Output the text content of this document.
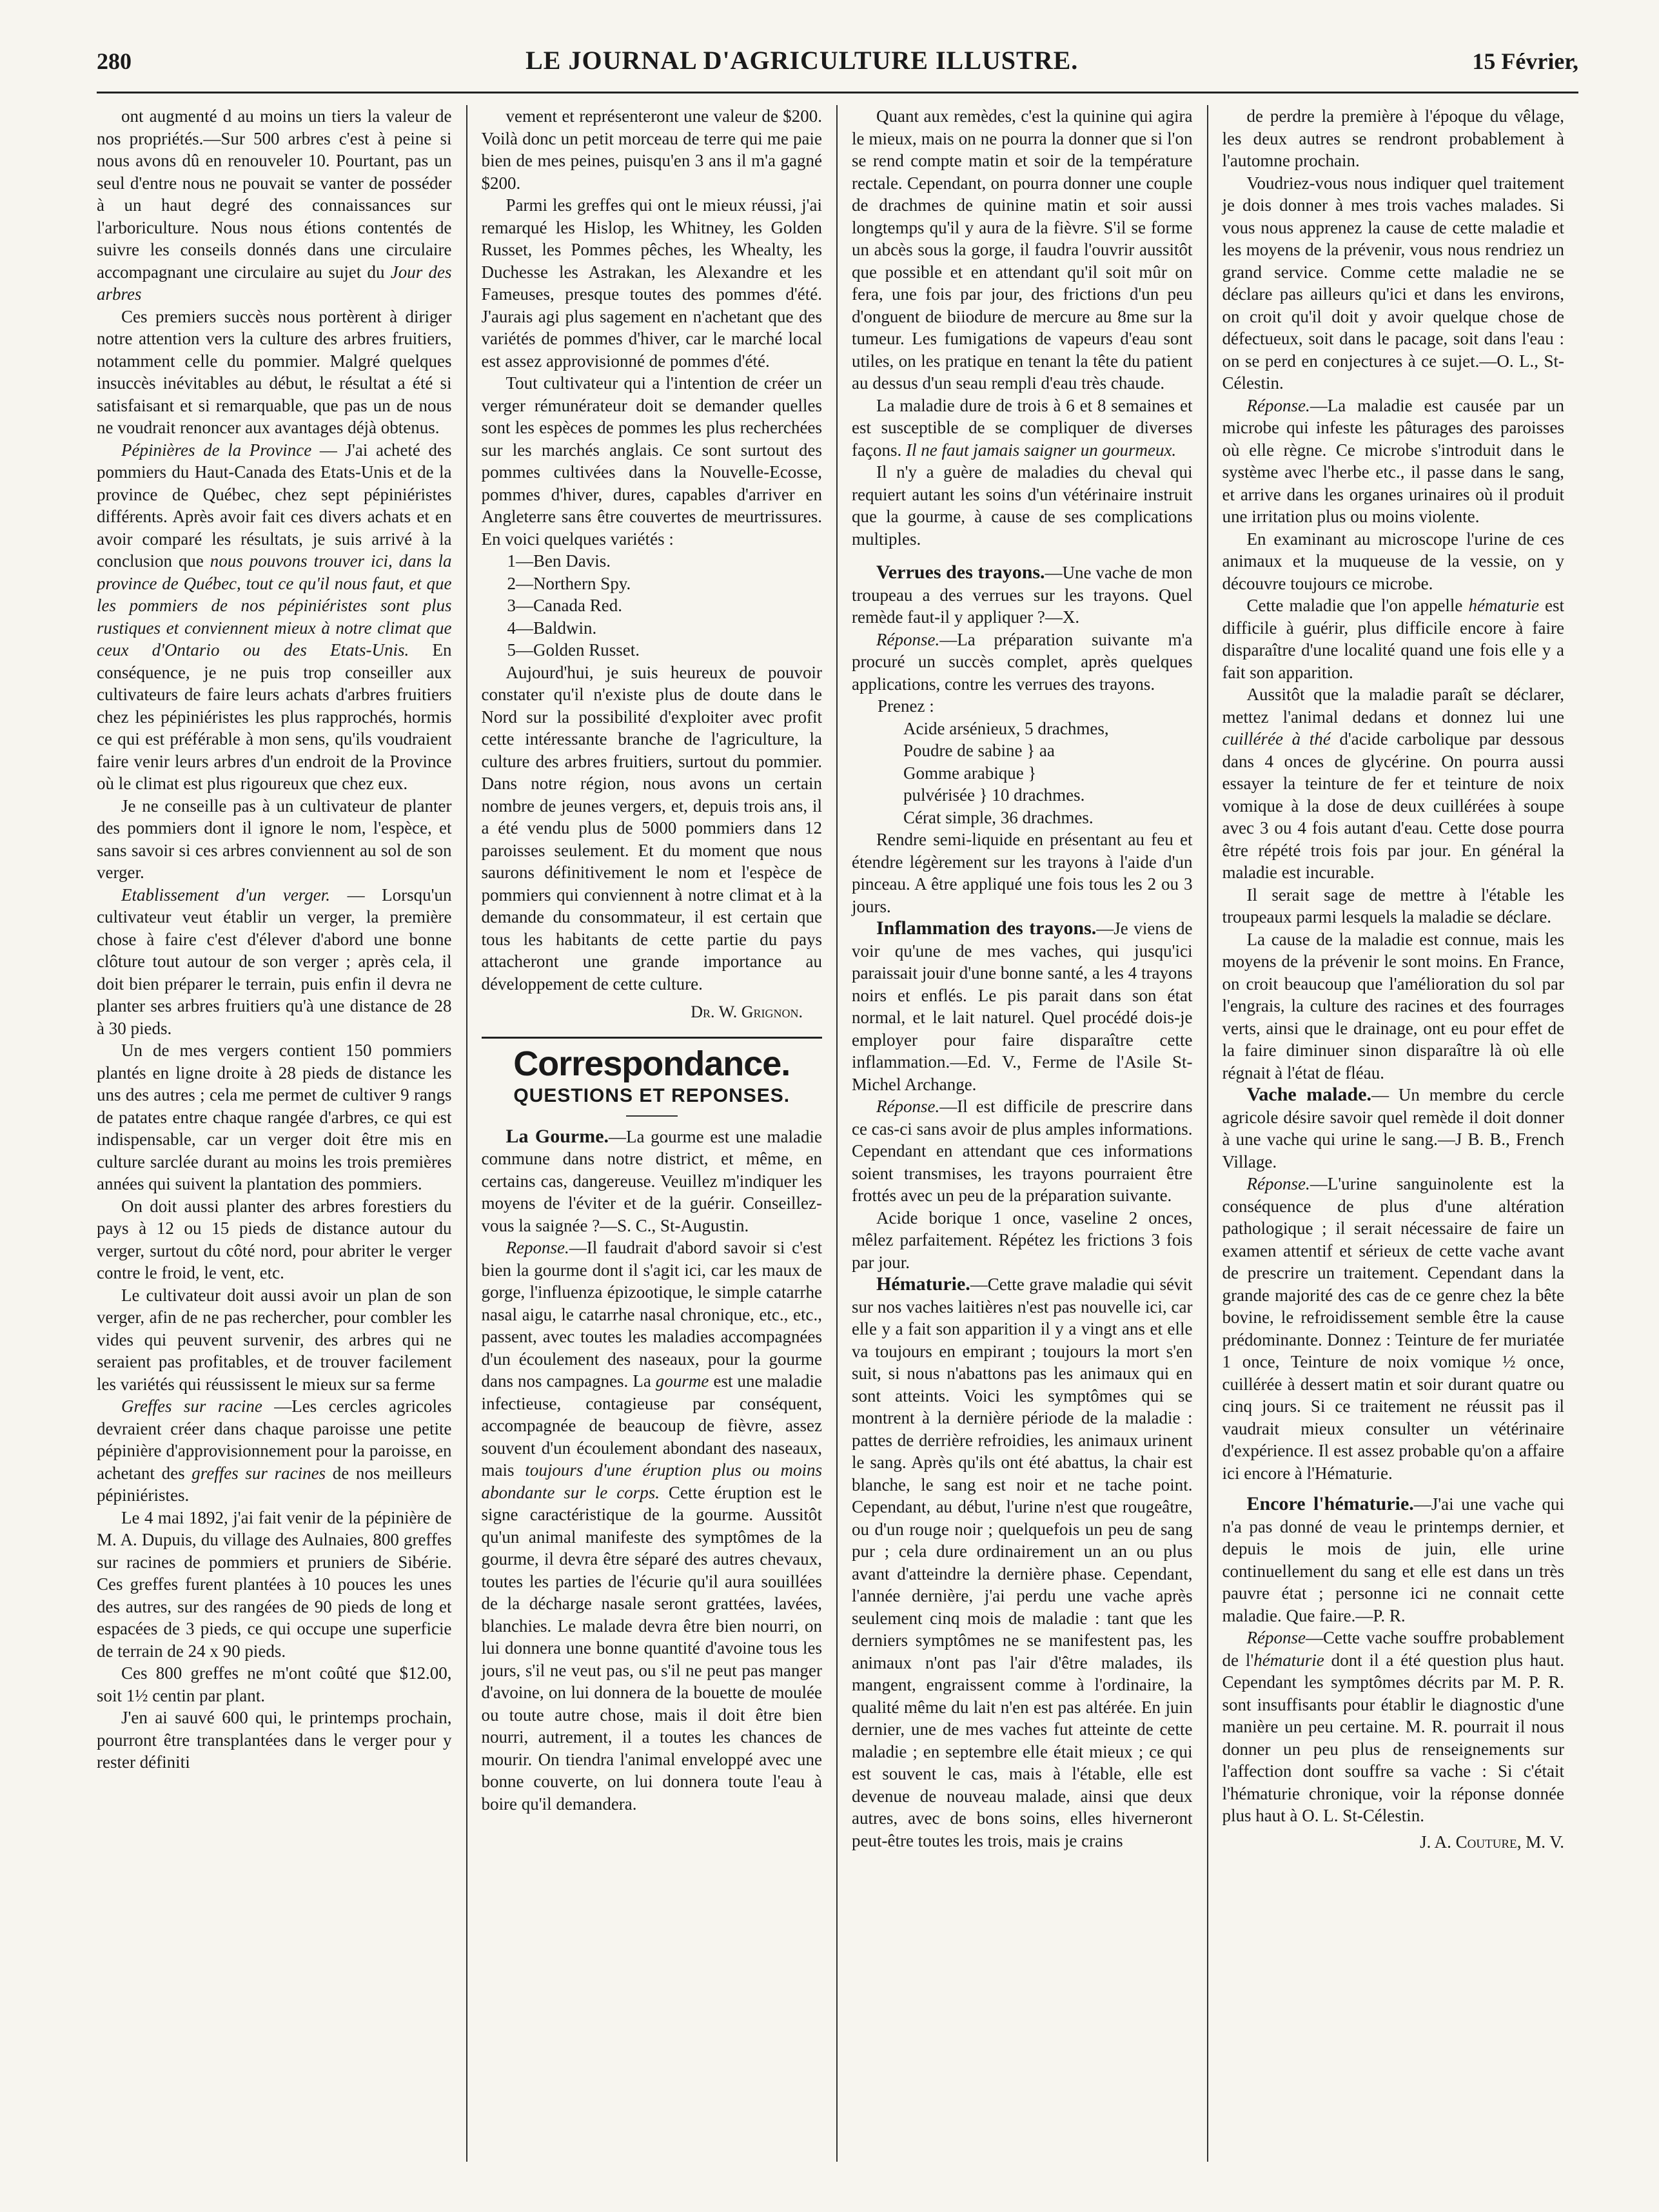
280	LE JOURNAL D'AGRICULTURE ILLUSTRE.	15 Février,

ont augmenté d au moins un tiers la valeur de nos propriétés.—Sur 500 arbres c'est à peine si nous avons dû en renouveler 10. Pourtant, pas un seul d'entre nous ne pouvait se vanter de posséder à un haut degré des connaissances sur l'arboriculture. Nous nous étions contentés de suivre les conseils donnés dans une circulaire accompagnant une circulaire au sujet du Jour des arbres

Ces premiers succès nous portèrent à diriger notre attention vers la culture des arbres fruitiers, notamment celle du pommier. Malgré quelques insuccès inévitables au début, le résultat a été si satisfaisant et si remarquable, que pas un de nous ne voudrait renoncer aux avantages déjà obtenus.

Pépinières de la Province — J'ai acheté des pommiers du Haut-Canada des Etats-Unis et de la province de Québec, chez sept pépiniéristes différents. Après avoir fait ces divers achats et en avoir comparé les résultats, je suis arrivé à la conclusion que nous pouvons trouver ici, dans la province de Québec, tout ce qu'il nous faut, et que les pommiers de nos pépiniéristes sont plus rustiques et conviennent mieux à notre climat que ceux d'Ontario ou des Etats-Unis. En conséquence, je ne puis trop conseiller aux cultivateurs de faire leurs achats d'arbres fruitiers chez les pépiniéristes les plus rapprochés, hormis ce qui est préférable à mon sens, qu'ils voudraient faire venir leurs arbres d'un endroit de la Province où le climat est plus rigoureux que chez eux.

Je ne conseille pas à un cultivateur de planter des pommiers dont il ignore le nom, l'espèce, et sans savoir si ces arbres conviennent au sol de son verger.

Etablissement d'un verger. — Lorsqu'un cultivateur veut établir un verger, la première chose à faire c'est d'élever d'abord une bonne clôture tout autour de son verger ; après cela, il doit bien préparer le terrain, puis enfin il devra ne planter ses arbres fruitiers qu'à une distance de 28 à 30 pieds.

Un de mes vergers contient 150 pommiers plantés en ligne droite à 28 pieds de distance les uns des autres ; cela me permet de cultiver 9 rangs de patates entre chaque rangée d'arbres, ce qui est indispensable, car un verger doit être mis en culture sarclée durant au moins les trois premières années qui suivent la plantation des pommiers.

On doit aussi planter des arbres forestiers du pays à 12 ou 15 pieds de distance autour du verger, surtout du côté nord, pour abriter le verger contre le froid, le vent, etc.

Le cultivateur doit aussi avoir un plan de son verger, afin de ne pas rechercher, pour combler les vides qui peuvent survenir, des arbres qui ne seraient pas profitables, et de trouver facilement les variétés qui réussissent le mieux sur sa ferme

Greffes sur racine —Les cercles agricoles devraient créer dans chaque paroisse une petite pépinière d'approvisionnement pour la paroisse, en achetant des greffes sur racines de nos meilleurs pépiniéristes.

Le 4 mai 1892, j'ai fait venir de la pépinière de M. A. Dupuis, du village des Aulnaies, 800 greffes sur racines de pommiers et pruniers de Sibérie. Ces greffes furent plantées à 10 pouces les unes des autres, sur des rangées de 90 pieds de long et espacées de 3 pieds, ce qui occupe une superficie de terrain de 24 x 90 pieds.

Ces 800 greffes ne m'ont coûté que $12.00, soit 1½ centin par plant.

J'en ai sauvé 600 qui, le printemps prochain, pourront être transplantées dans le verger pour y rester définiti

vement et représenteront une valeur de $200. Voilà donc un petit morceau de terre qui me paie bien de mes peines, puisqu'en 3 ans il m'a gagné $200.

Parmi les greffes qui ont le mieux réussi, j'ai remarqué les Hislop, les Whitney, les Golden Russet, les Pommes pêches, les Whealty, les Duchesse les Astrakan, les Alexandre et les Fameuses, presque toutes des pommes d'été. J'aurais agi plus sagement en n'achetant que des variétés de pommes d'hiver, car le marché local est assez approvisionné de pommes d'été.

Tout cultivateur qui a l'intention de créer un verger rémunérateur doit se demander quelles sont les espèces de pommes les plus recherchées sur les marchés anglais. Ce sont surtout des pommes cultivées dans la Nouvelle-Ecosse, pommes d'hiver, dures, capables d'arriver en Angleterre sans être couvertes de meurtrissures. En voici quelques variétés :

1—Ben Davis.

2—Northern Spy.

3—Canada Red.

4—Baldwin.

5—Golden Russet.

Aujourd'hui, je suis heureux de pouvoir constater qu'il n'existe plus de doute dans le Nord sur la possibilité d'exploiter avec profit cette intéressante branche de l'agriculture, la culture des arbres fruitiers, surtout du pommier. Dans notre région, nous avons un certain nombre de jeunes vergers, et, depuis trois ans, il a été vendu plus de 5000 pommiers dans 12 paroisses seulement. Et du moment que nous saurons définitivement le nom et l'espèce de pommiers qui conviennent à notre climat et à la demande du consommateur, il est certain que tous les habitants de cette partie du pays attacheront une grande importance au développement de cette culture.

Dr. W. Grignon.
Correspondance.
QUESTIONS ET REPONSES.

La Gourme.—La gourme est une maladie commune dans notre district, et même, en certains cas, dangereuse. Veuillez m'indiquer les moyens de l'éviter et de la guérir. Conseillez-vous la saignée ?—S. C., St-Augustin.

Reponse.—Il faudrait d'abord savoir si c'est bien la gourme dont il s'agit ici, car les maux de gorge, l'influenza épizootique, le simple catarrhe nasal aigu, le catarrhe nasal chronique, etc., etc., passent, avec toutes les maladies accompagnées d'un écoulement des naseaux, pour la gourme dans nos campagnes. La gourme est une maladie infectieuse, contagieuse par conséquent, accompagnée de beaucoup de fièvre, assez souvent d'un écoulement abondant des naseaux, mais toujours d'une éruption plus ou moins abondante sur le corps. Cette éruption est le signe caractéristique de la gourme. Aussitôt qu'un animal manifeste des symptômes de la gourme, il devra être séparé des autres chevaux, toutes les parties de l'écurie qu'il aura souillées de la décharge nasale seront grattées, lavées, blanchies. Le malade devra être bien nourri, on lui donnera une bonne quantité d'avoine tous les jours, s'il ne veut pas, ou s'il ne peut pas manger d'avoine, on lui donnera de la bouette de moulée ou toute autre chose, mais il doit être bien nourri, autrement, il a toutes les chances de mourir. On tiendra l'animal enveloppé avec une bonne couverte, on lui donnera toute l'eau à boire qu'il demandera.

Quant aux remèdes, c'est la quinine qui agira le mieux, mais on ne pourra la donner que si l'on se rend compte matin et soir de la température rectale. Cependant, on pourra donner une couple de drachmes de quinine matin et soir aussi longtemps qu'il y aura de la fièvre. S'il se forme un abcès sous la gorge, il faudra l'ouvrir aussitôt que possible et en attendant qu'il soit mûr on fera, une fois par jour, des frictions d'un peu d'onguent de biiodure de mercure au 8me sur la tumeur. Les fumigations de vapeurs d'eau sont utiles, on les pratique en tenant la tête du patient au dessus d'un seau rempli d'eau très chaude.

La maladie dure de trois à 6 et 8 semaines et est susceptible de se compliquer de diverses façons. Il ne faut jamais saigner un gourmeux.

Il n'y a guère de maladies du cheval qui requiert autant les soins d'un vétérinaire instruit que la gourme, à cause de ses complications multiples.

Verrues des trayons.—Une vache de mon troupeau a des verrues sur les trayons. Quel remède faut-il y appliquer ?—X.

Réponse.—La préparation suivante m'a procuré un succès complet, après quelques applications, contre les verrues des trayons.

Prenez :

Acide arsénieux, 5 drachmes,

Poudre de sabine } aa

Gomme arabique }

pulvérisée } 10 drachmes.

Cérat simple, 36 drachmes.

Rendre semi-liquide en présentant au feu et étendre légèrement sur les trayons à l'aide d'un pinceau. A être appliqué une fois tous les 2 ou 3 jours.

Inflammation des trayons.—Je viens de voir qu'une de mes vaches, qui jusqu'ici paraissait jouir d'une bonne santé, a les 4 trayons noirs et enflés. Le pis parait dans son état normal, et le lait naturel. Quel procédé dois-je employer pour faire disparaître cette inflammation.—Ed. V., Ferme de l'Asile St-Michel Archange.

Réponse.—Il est difficile de prescrire dans ce cas-ci sans avoir de plus amples informations. Cependant en attendant que ces informations soient transmises, les trayons pourraient être frottés avec un peu de la préparation suivante.

Acide borique 1 once, vaseline 2 onces, mêlez parfaitement. Répétez les frictions 3 fois par jour.

Hématurie.—Cette grave maladie qui sévit sur nos vaches laitières n'est pas nouvelle ici, car elle y a fait son apparition il y a vingt ans et elle va toujours en empirant ; toujours la mort s'en suit, si nous n'abattons pas les animaux qui en sont atteints. Voici les symptômes qui se montrent à la dernière période de la maladie : pattes de derrière refroidies, les animaux urinent le sang. Après qu'ils ont été abattus, la chair est blanche, le sang est noir et ne tache point. Cependant, au début, l'urine n'est que rougeâtre, ou d'un rouge noir ; quelquefois un peu de sang pur ; cela dure ordinairement un an ou plus avant d'atteindre la dernière phase. Cependant, l'année dernière, j'ai perdu une vache après seulement cinq mois de maladie : tant que les derniers symptômes ne se manifestent pas, les animaux n'ont pas l'air d'être malades, ils mangent, engraissent comme à l'ordinaire, la qualité même du lait n'en est pas altérée. En juin dernier, une de mes vaches fut atteinte de cette maladie ; en septembre elle était mieux ; ce qui est souvent le cas, mais à l'étable, elle est devenue de nouveau malade, ainsi que deux autres, avec de bons soins, elles hiverneront peut-être toutes les trois, mais je crains

de perdre la première à l'époque du vêlage, les deux autres se rendront probablement à l'automne prochain.

Voudriez-vous nous indiquer quel traitement je dois donner à mes trois vaches malades. Si vous nous apprenez la cause de cette maladie et les moyens de la prévenir, vous nous rendriez un grand service. Comme cette maladie ne se déclare pas ailleurs qu'ici et dans les environs, on croit qu'il doit y avoir quelque chose de défectueux, soit dans le pacage, soit dans l'eau : on se perd en conjectures à ce sujet.—O. L., St-Célestin.

Réponse.—La maladie est causée par un microbe qui infeste les pâturages des paroisses où elle règne. Ce microbe s'introduit dans le système avec l'herbe etc., il passe dans le sang, et arrive dans les organes urinaires où il produit une irritation plus ou moins violente.

En examinant au microscope l'urine de ces animaux et la muqueuse de la vessie, on y découvre toujours ce microbe.

Cette maladie que l'on appelle hématurie est difficile à guérir, plus difficile encore à faire disparaître d'une localité quand une fois elle y a fait son apparition.

Aussitôt que la maladie paraît se déclarer, mettez l'animal dedans et donnez lui une cuillérée à thé d'acide carbolique par dessous dans 4 onces de glycérine. On pourra aussi essayer la teinture de fer et teinture de noix vomique à la dose de deux cuillérées à soupe avec 3 ou 4 fois autant d'eau. Cette dose pourra être répété trois fois par jour. En général la maladie est incurable.

Il serait sage de mettre à l'étable les troupeaux parmi lesquels la maladie se déclare.

La cause de la maladie est connue, mais les moyens de la prévenir le sont moins. En France, on croit beaucoup que l'amélioration du sol par l'engrais, la culture des racines et des fourrages verts, ainsi que le drainage, ont eu pour effet de la faire diminuer sinon disparaître là où elle régnait à l'état de fléau.

Vache malade.— Un membre du cercle agricole désire savoir quel remède il doit donner à une vache qui urine le sang.—J B. B., French Village.

Réponse.—L'urine sanguinolente est la conséquence de plus d'une altération pathologique ; il serait nécessaire de faire un examen attentif et sérieux de cette vache avant de prescrire un traitement. Cependant dans la grande majorité des cas de ce genre chez la bête bovine, le refroidissement semble être la cause prédominante. Donnez : Teinture de fer muriatée 1 once, Teinture de noix vomique ½ once, cuillérée à dessert matin et soir durant quatre ou cinq jours. Si ce traitement ne réussit pas il vaudrait mieux consulter un vétérinaire d'expérience. Il est assez probable qu'on a affaire ici encore à l'Hématurie.

Encore l'hématurie.—J'ai une vache qui n'a pas donné de veau le printemps dernier, et depuis le mois de juin, elle urine continuellement du sang et elle est dans un très pauvre état ; personne ici ne connait cette maladie. Que faire.—P. R.

Réponse—Cette vache souffre probablement de l'hématurie dont il a été question plus haut. Cependant les symptômes décrits par M. P. R. sont insuffisants pour établir le diagnostic d'une manière un peu certaine. M. R. pourrait il nous donner un peu plus de renseignements sur l'affection dont souffre sa vache : Si c'était l'hématurie chronique, voir la réponse donnée plus haut à O. L. St-Célestin.

J. A. Couture, M. V.
